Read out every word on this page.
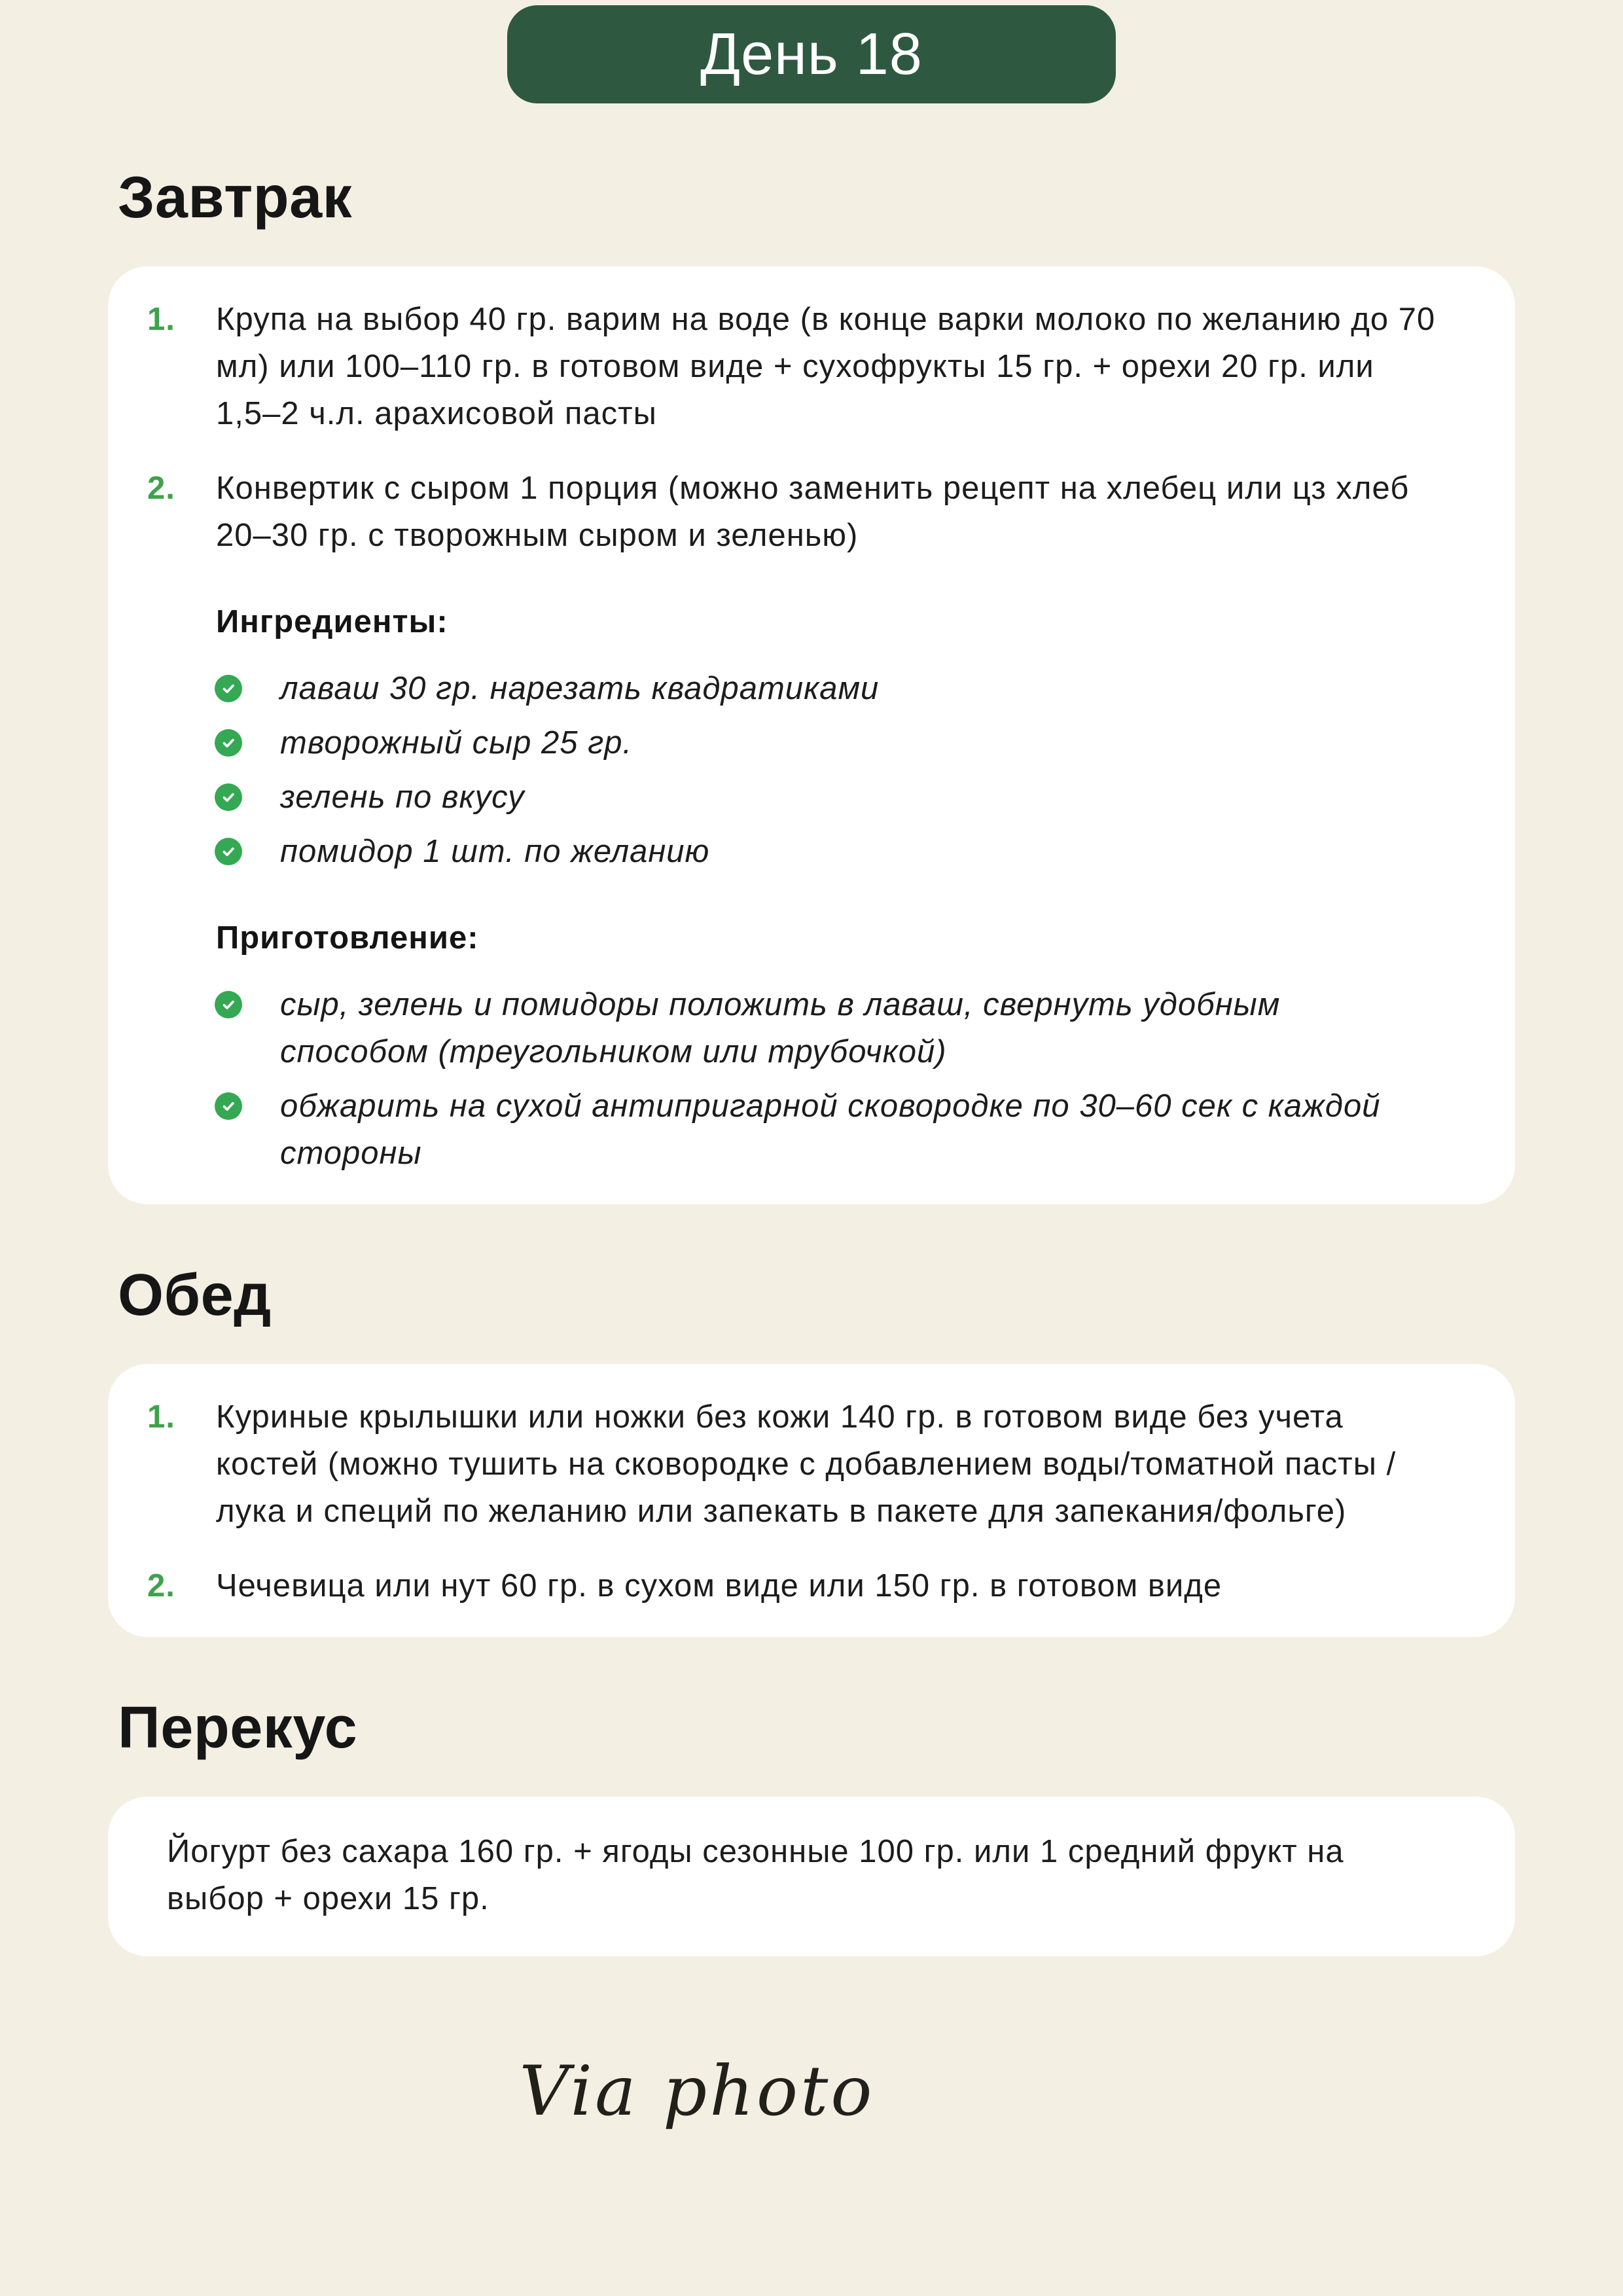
День 18
Завтрак
1.	Крупа на выбор 40 гр. варим на воде (в конце варки молоко по желанию до 70 мл) или 100–110 гр. в готовом виде + сухофрукты 15 гр. + орехи 20 гр. или 1,5–2 ч.л. арахисовой пасты

2.	Конвертик с сыром 1 порция (можно заменить рецепт на хлебец или цз хлеб 20–30 гр. с творожным сыром и зеленью)

Ингредиенты:

лаваш 30 гр. нарезать квадратиками

творожный сыр 25 гр.

зелень по вкусу

помидор 1 шт. по желанию

Приготовление:

сыр, зелень и помидоры положить в лаваш, свернуть удобным способом (треугольником или трубочкой)

обжарить на сухой антипригарной сковородке по 30–60 сек с каждой стороны

Обед
1.	Куриные крылышки или ножки без кожи 140 гр. в готовом виде без учета костей (можно тушить на сковородке с добавлением воды/томатной пасты /лука и специй по желанию или запекать в пакете для запекания/фольге)

2.	Чечевица или нут 60 гр. в сухом виде или 150 гр. в готовом виде

Перекус

Йогурт без сахара 160 гр. + ягоды сезонные 100 гр. или 1 средний фрукт на выбор + орехи 15 гр.

Via photo
